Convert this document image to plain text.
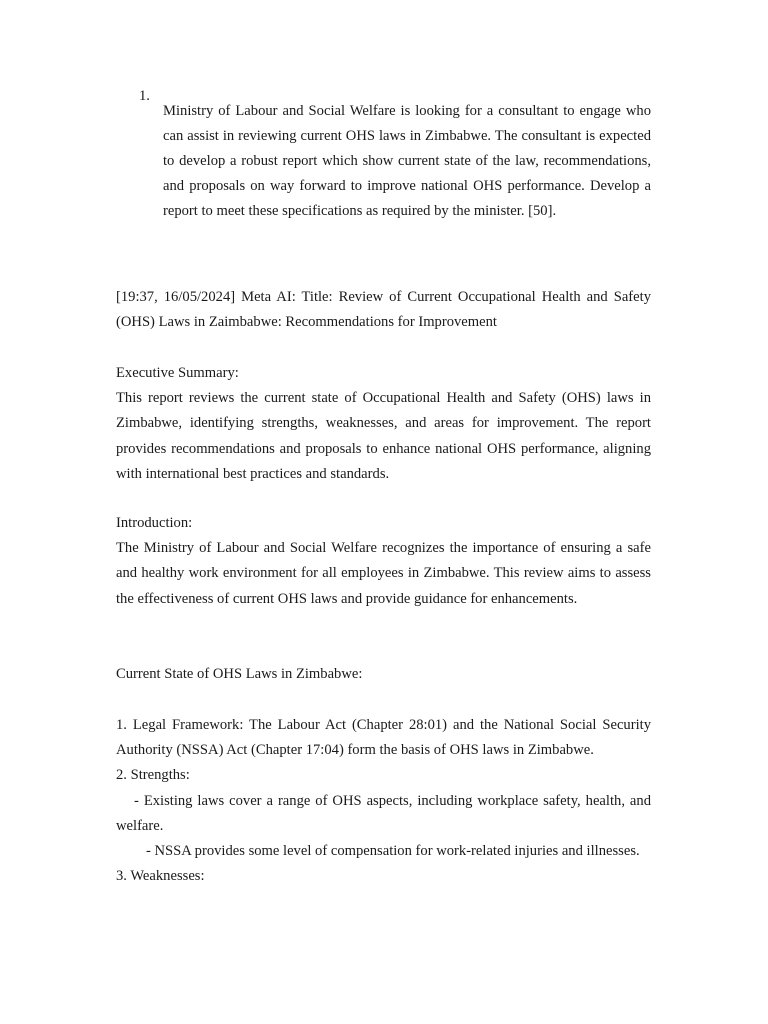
1.

Ministry of Labour and Social Welfare is looking for a consultant to engage who can assist in reviewing current OHS laws in Zimbabwe. The consultant is expected to develop a robust report which show current state of the law, recommendations, and proposals on way forward to improve national OHS performance. Develop a report to meet these specifications as required by the minister. [50].

[19:37, 16/05/2024] Meta AI: Title: Review of Current Occupational Health and Safety (OHS) Laws in Zaimbabwe: Recommendations for Improvement

Executive Summary:

This report reviews the current state of Occupational Health and Safety (OHS) laws in Zimbabwe, identifying strengths, weaknesses, and areas for improvement. The report provides recommendations and proposals to enhance national OHS performance, aligning with international best practices and standards.

Introduction:

The Ministry of Labour and Social Welfare recognizes the importance of ensuring a safe and healthy work environment for all employees in Zimbabwe. This review aims to assess the effectiveness of current OHS laws and provide guidance for enhancements.

Current State of OHS Laws in Zimbabwe:

1. Legal Framework: The Labour Act (Chapter 28:01) and the National Social Security Authority (NSSA) Act (Chapter 17:04) form the basis of OHS laws in Zimbabwe.

2. Strengths:

- Existing laws cover a range of OHS aspects, including workplace safety, health, and welfare.

- NSSA provides some level of compensation for work-related injuries and illnesses.

3. Weaknesses:
